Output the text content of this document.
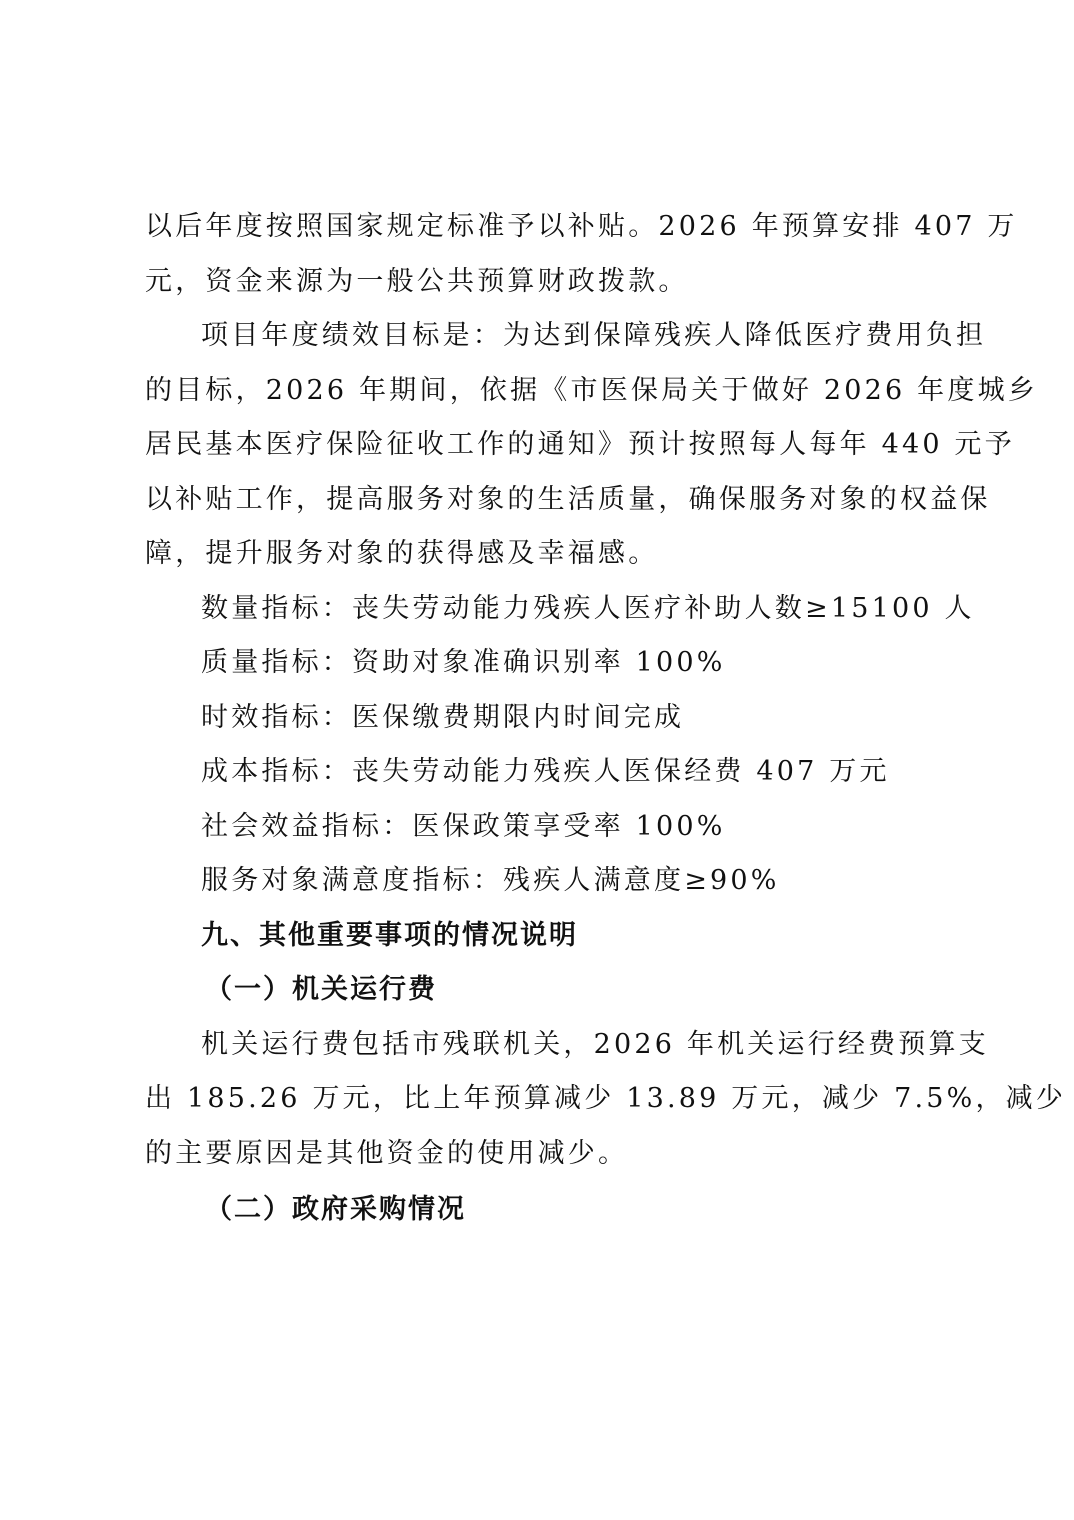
以后年度按照国家规定标准予以补贴。2026 年预算安排 407 万
元，资金来源为一般公共预算财政拨款。
项目年度绩效目标是：为达到保障残疾人降低医疗费用负担
的目标，2026 年期间，依据《市医保局关于做好 2026 年度城乡
居民基本医疗保险征收工作的通知》预计按照每人每年 440 元予
以补贴工作，提高服务对象的生活质量，确保服务对象的权益保
障，提升服务对象的获得感及幸福感。
数量指标：丧失劳动能力残疾人医疗补助人数≥15100 人
质量指标：资助对象准确识别率 100%
时效指标：医保缴费期限内时间完成
成本指标：丧失劳动能力残疾人医保经费 407 万元
社会效益指标：医保政策享受率 100%
服务对象满意度指标：残疾人满意度≥90%
九、其他重要事项的情况说明
（一）机关运行费
机关运行费包括市残联机关，2026 年机关运行经费预算支
出 185.26 万元，比上年预算减少 13.89 万元，减少 7.5%，减少
的主要原因是其他资金的使用减少。
（二）政府采购情况
